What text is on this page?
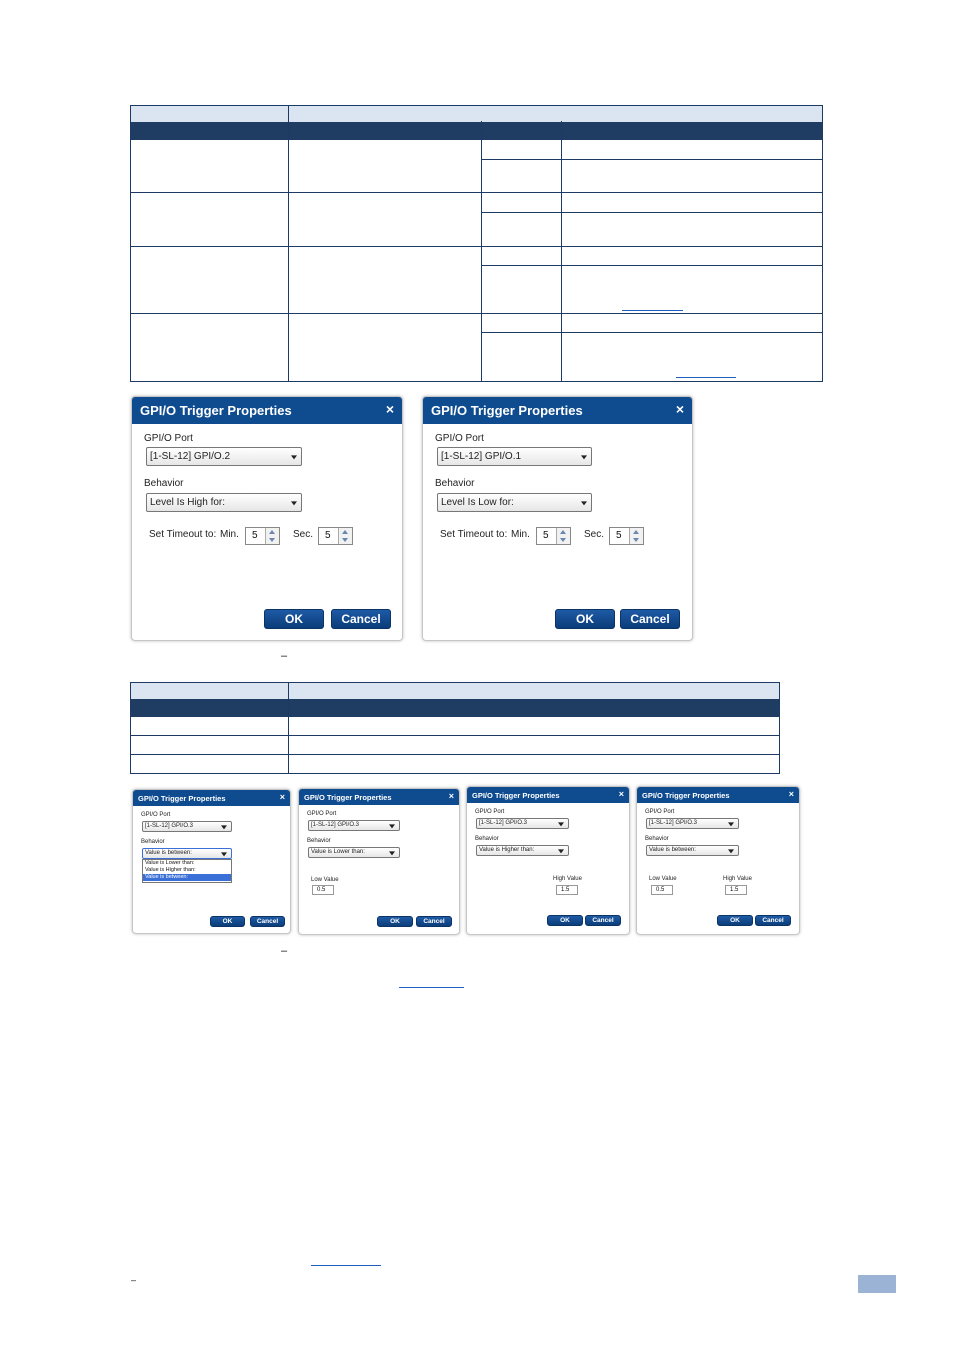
GPI/O Trigger Properties	×
GPI/O Port
[1-SL-12] GPI/O.2
Behavior
Level Is High for:
Set Timeout to: Min. 5	Sec. 5
OK	Cancel
GPI/O Trigger Properties	×
GPI/O Port
[1-SL-12] GPI/O.1
Behavior
Level Is Low for:
Set Timeout to: Min. 5	Sec. 5
OK	Cancel
–
GPI/O Trigger Properties	×
GPI/O Port
[1-SL-12] GPI/O.3
Behavior
Value is between:
Value is Lower than:
Value is Higher than:
Value is between:
OK	Cancel
GPI/O Trigger Properties	×
GPI/O Port
[1-SL-12] GPI/O.3
Behavior
Value is Lower than:
Low Value
0.5
OK	Cancel
GPI/O Trigger Properties	×
GPI/O Port
[1-SL-12] GPI/O.3
Behavior
Value is Higher than:
High Value
1.5
OK	Cancel
GPI/O Trigger Properties	×
GPI/O Port
[1-SL-12] GPI/O.3
Behavior
Value is between:
Low Value
0.5
High Value
1.5
OK	Cancel
–
–
